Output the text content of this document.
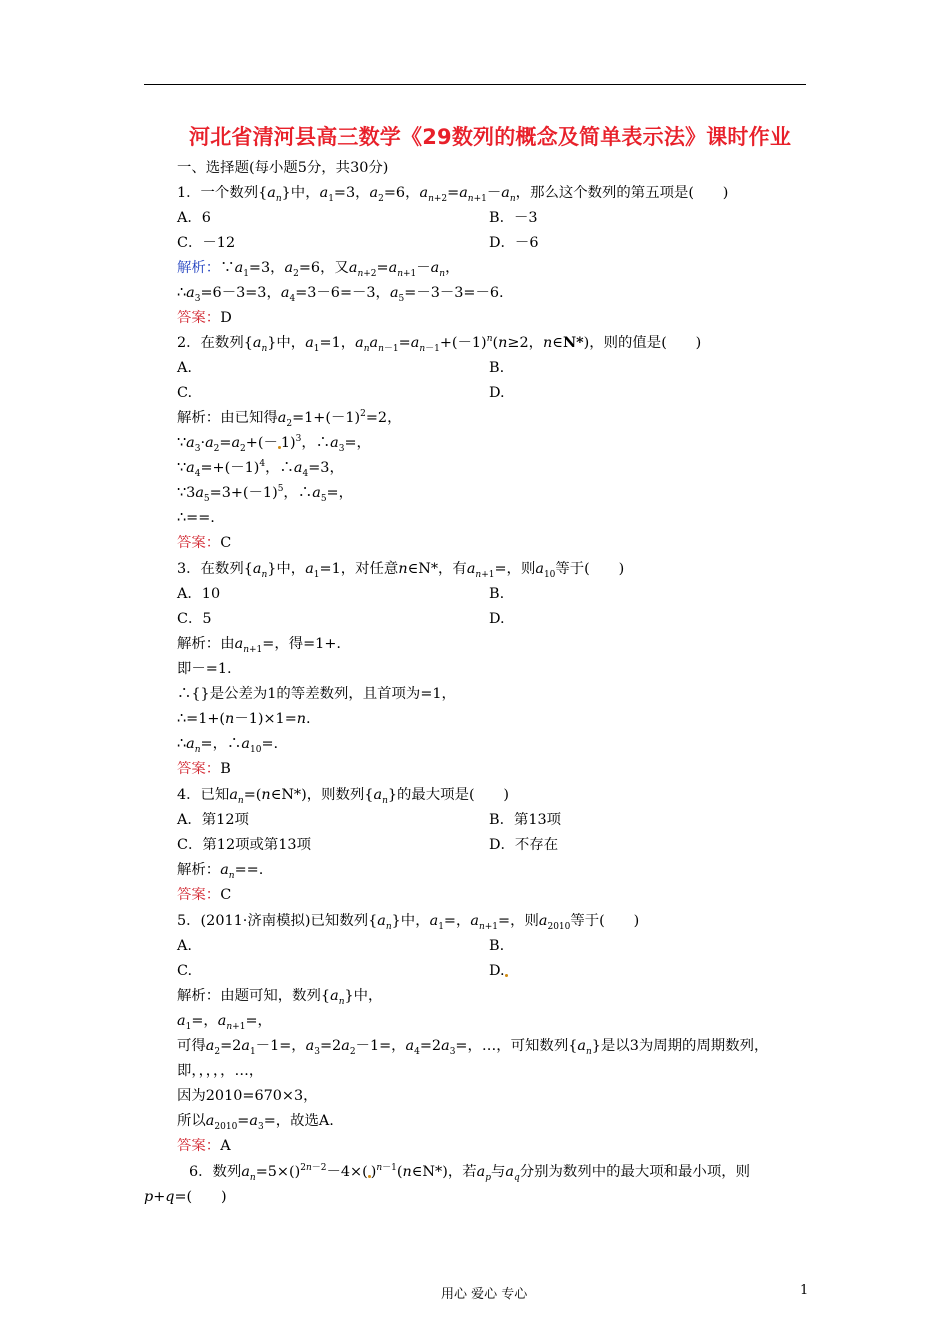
河北省清河县高三数学《29数列的概念及简单表示法》课时作业
一、选择题(每小题5分，共30分)
1．一个数列$\{a_n\}$中，$a_1=3$，$a_2=6$，$a_{n+2}=a_{n+1}-a_n$，那么这个数列的第五项是(　　)
A．6	B．－3
C．－12	D．－6
解析：$\because a_1=3$，$a_2=6$，又$a_{n+2}=a_{n+1}-a_n$，
$\therefore a_3=6-3=3$，$a_4=3-6=-3$，$a_5=-3-3=-6$.
答案：D
2．在数列$\{a_n\}$中，$a_1=1$，$a_na_{n-1}=a_{n-1}+(-1)^n(n\ge 2$，n∈N*)，则的值是(　　)
A.	B.
C.	D.
解析：由已知得$a_2=1+(-1)^2=2$，
$\because a_3\cdot a_2=a_2+(- 1)^3$，$\therefore a_3=$，
$\because a_4=+(-1)^4$，$\therefore a_4=3$，
$\because 3a_5=3+(-1)^5$，$\therefore a_5=$，
∴==.
答案：C
3．在数列$\{a_n\}$中，$a_1=1$，对任意n∈N*，有$a_{n+1}=$，则$a_{10}$等于(　　)
A．10	B.
C．5	D.
解析：由$a_{n+1}=$，得=1+.
即－=1.
∴{}是公差为1的等差数列，且首项为=1，
∴=1+(n－1)×1=n.
$\therefore a_n=$，$\therefore a_{10}=$.
答案：B
4．已知$a_n=(n\in N*)$，则数列$\{a_n\}$的最大项是(　　)
A．第12项	B．第13项
C．第12项或第13项	D．不存在
解析：$a_n==$.
答案：C
5．(2011·济南模拟)已知数列$\{a_n\}$中，$a_1=$，$a_{n+1}=$，则$a_{2010}$等于(　　)
A.	B.
C.	D.
解析：由题可知，数列$\{a_n\}$中，
$a_1=$，$a_{n+1}=$，
可得$a_2=2a_1-1=$，$a_3=2a_2-1=$，$a_4=2a_3=$，…，可知数列$\{a_n\}$是以3为周期的周期数列，
即，，，，，…，
因为2010=670×3，
所以$a_{2010}=a_3=$，故选A.
答案：A
6．数列$a_n=5\times()^{2n-2}-4\times$( )$^{n-1}$(n∈N*)，若$a_p$与$a_q$分别为数列中的最大项和最小项，则
p+q=(　　)
用心 爱心 专心	1
